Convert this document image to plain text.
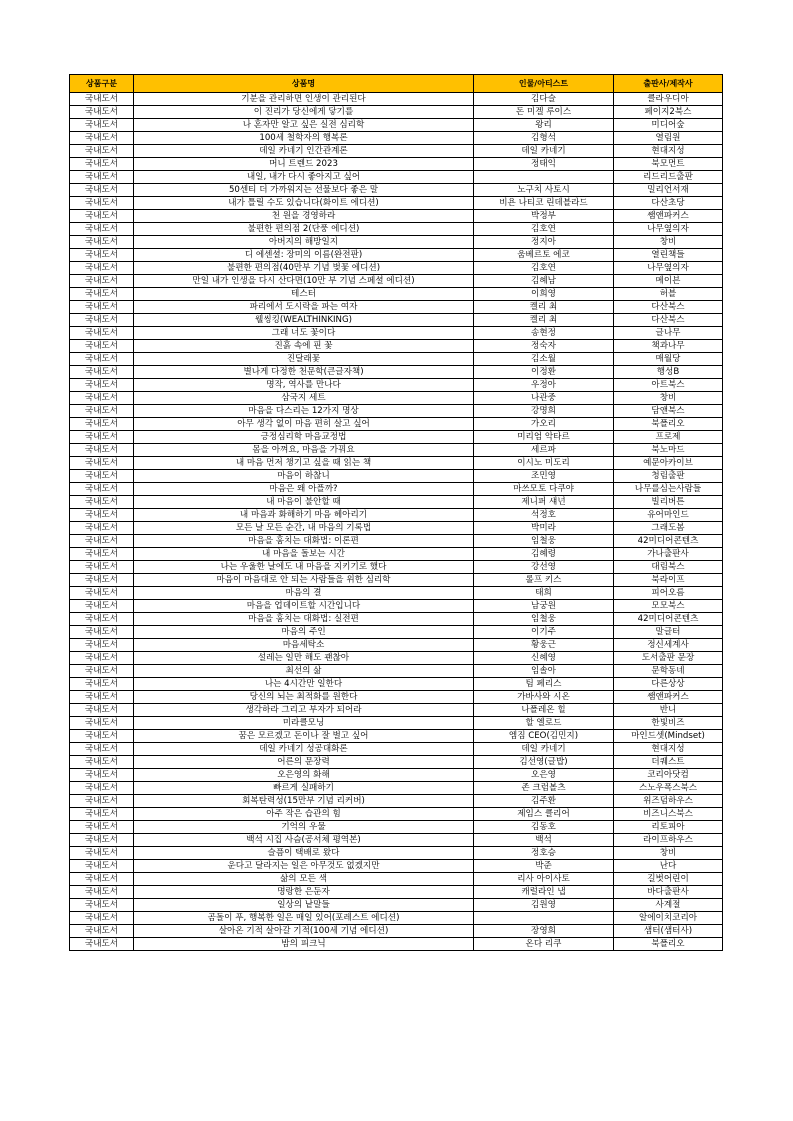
상품구분	상품명	인물/아티스트	출판사/제작사
국내도서	기분을 관리하면 인생이 관리된다	김다슬	클라우디아
국내도서	이 진리가 당신에게 닿기를	돈 미겔 루이스	페이지2북스
국내도서	나 혼자만 알고 싶은 실전 심리학	왕리	미디어숲
국내도서	100세 철학자의 행복론	김형석	열림원
국내도서	데일 카네기 인간관계론	데일 카네기	현대지성
국내도서	머니 트렌드 2023	정태익	북모먼트
국내도서	내일, 내가 다시 좋아지고 싶어		리드리드출판
국내도서	50센티 더 가까워지는 선물보다 좋은 말	노구치 사토시	밀리언서재
국내도서	내가 틀릴 수도 있습니다(화이트 에디션)	비욘 나티코 린데블라드	다산초당
국내도서	천 원을 경영하라	박정부	쌤앤파커스
국내도서	불편한 편의점 2(단풍 에디션)	김호연	나무옆의자
국내도서	아버지의 해방일지	정지아	창비
국내도서	디 에센셜: 장미의 이름(완전판)	움베르토 에코	열린책들
국내도서	불편한 편의점(40만부 기념 벚꽃 에디션)	김호연	나무옆의자
국내도서	만일 내가 인생을 다시 산다면(10만 부 기념 스페셜 에디션)	김혜남	메이븐
국내도서	테스터	이희영	허블
국내도서	파리에서 도시락을 파는 여자	켈리 최	다산북스
국내도서	웰씽킹(WEALTHINKING)	켈리 최	다산북스
국내도서	그래 너도 꽃이다	송현정	글나무
국내도서	진흙 속에 핀 꽃	정숙자	책과나무
국내도서	진달래꽃	김소월	매월당
국내도서	별나게 다정한 천문학(큰글자책)	이정환	행성B
국내도서	명작, 역사를 만나다	우정아	아트북스
국내도서	삼국지 세트	나관중	창비
국내도서	마음을 다스리는 12가지 명상	강명희	담앤북스
국내도서	아무 생각 없이 마음 편히 살고 싶어	가오리	북폴리오
국내도서	긍정심리학 마음교정법	미리엄 악타르	프로제
국내도서	몸을 아껴요, 마음을 가꿔요	세르파	북노마드
국내도서	내 마음 먼저 챙기고 싶을 때 읽는 책	이시노 미도리	예문아카이브
국내도서	마음이 하찮니	조민영	청림출판
국내도서	마음은 왜 아플까?	마쓰모토 다쿠야	나무를심는사람들
국내도서	내 마음이 불안할 때	제니퍼 섀넌	빌리버튼
국내도서	내 마음과 화해하기 마음 헤아리기	석정호	유어마인드
국내도서	모든 날 모든 순간, 내 마음의 기록법	박미라	그래도봄
국내도서	마음을 훔치는 대화법: 이론편	임철웅	42미디어콘텐츠
국내도서	내 마음을 돌보는 시간	김혜령	가나출판사
국내도서	나는 우울한 날에도 내 마음을 지키기로 했다	강선영	대림북스
국내도서	마음이 마음대로 안 되는 사람들을 위한 심리학	롤프 키스	북라이프
국내도서	마음의 결	태희	피어오름
국내도서	마음을 업데이트할 시간입니다	남궁원	모모북스
국내도서	마음을 훔치는 대화법: 실전편	임철웅	42미디어콘텐츠
국내도서	마음의 주인	이기주	말글터
국내도서	마음세탁소	황웅근	정신세계사
국내도서	설레는 일만 해도 괜찮아	신혜영	도서출판 문장
국내도서	최선의 삶	임솔아	문학동네
국내도서	나는 4시간만 일한다	팀 페리스	다른상상
국내도서	당신의 뇌는 최적화를 원한다	가바사와 시온	쌤앤파커스
국내도서	생각하라 그리고 부자가 되어라	나폴레온 힐	반니
국내도서	미라클모닝	할 엘로드	한빛비즈
국내도서	꿈은 모르겠고 돈이나 잘 벌고 싶어	엠짐 CEO(김민지)	마인드셋(Mindset)
국내도서	데일 카네기 성공대화론	데일 카네기	현대지성
국내도서	어른의 문장력	김선영(글밥)	더퀘스트
국내도서	오은영의 화해	오은영	코리아닷컴
국내도서	빠르게 실패하기	존 크럼볼츠	스노우폭스북스
국내도서	회복탄력성(15만부 기념 리커버)	김주환	위즈덤하우스
국내도서	아주 작은 습관의 힘	제임스 클리어	비즈니스북스
국내도서	기억의 우물	김동호	리토피아
국내도서	백석 시집 사슴(공서체 평역본)	백석	라이프하우스
국내도서	슬픔이 택배로 왔다	정호승	창비
국내도서	운다고 달라지는 일은 아무것도 없겠지만	박준	난다
국내도서	삶의 모든 색	리사 아이사토	길벗어린이
국내도서	명랑한 은둔자	캐럴라인 냅	바다출판사
국내도서	일상의 낱말들	김원영	사계절
국내도서	곰돌이 푸, 행복한 일은 매일 있어(포레스트 에디션)		알에이치코리아
국내도서	살아온 기적 살아갈 기적(100세 기념 에디션)	장영희	샘터(샘터사)
국내도서	밤의 피크닉	온다 리쿠	북폴리오
